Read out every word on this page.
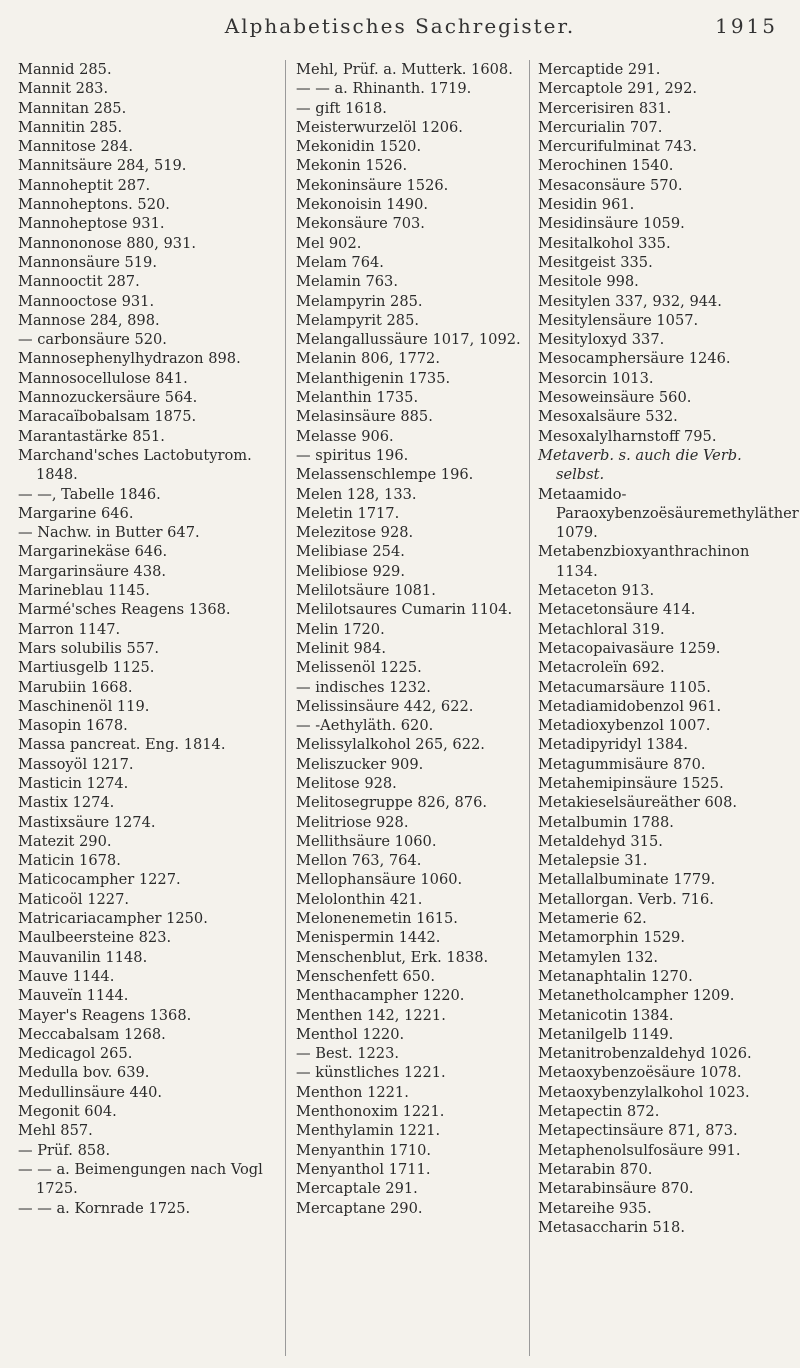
Alphabetisches Sachregister.	1915
Mannid 285.
Mannit 283.
Mannitan 285.
Mannitin 285.
Mannitose 284.
Mannitsäure 284, 519.
Mannoheptit 287.
Mannoheptons. 520.
Mannoheptose 931.
Mannononose 880, 931.
Mannonsäure 519.
Mannooctit 287.
Mannooctose 931.
Mannose 284, 898.
— carbonsäure 520.
Mannosephenylhydrazon 898.
Mannosocellulose 841.
Mannozuckersäure 564.
Maracaïbobalsam 1875.
Marantastärke 851.
Marchand'sches Lactobutyrom. 1848.
— —, Tabelle 1846.
Margarine 646.
— Nachw. in Butter 647.
Margarinekäse 646.
Margarinsäure 438.
Marineblau 1145.
Marmé'sches Reagens 1368.
Marron 1147.
Mars solubilis 557.
Martiusgelb 1125.
Marubiin 1668.
Maschinenöl 119.
Masopin 1678.
Massa pancreat. Eng. 1814.
Massoyöl 1217.
Masticin 1274.
Mastix 1274.
Mastixsäure 1274.
Matezit 290.
Maticin 1678.
Maticocampher 1227.
Maticoöl 1227.
Matricariacampher 1250.
Maulbeersteine 823.
Mauvanilin 1148.
Mauve 1144.
Mauveïn 1144.
Mayer's Reagens 1368.
Meccabalsam 1268.
Medicagol 265.
Medulla bov. 639.
Medullinsäure 440.
Megonit 604.
Mehl 857.
— Prüf. 858.
— — a. Beimengungen nach Vogl 1725.
— — a. Kornrade 1725.
Mehl, Prüf. a. Mutterk. 1608.
— — a. Rhinanth. 1719.
— gift 1618.
Meisterwurzelöl 1206.
Mekonidin 1520.
Mekonin 1526.
Mekoninsäure 1526.
Mekonoisin 1490.
Mekonsäure 703.
Mel 902.
Melam 764.
Melamin 763.
Melampyrin 285.
Melampyrit 285.
Melangallussäure 1017, 1092.
Melanin 806, 1772.
Melanthigenin 1735.
Melanthin 1735.
Melasinsäure 885.
Melasse 906.
— spiritus 196.
Melassenschlempe 196.
Melen 128, 133.
Meletin 1717.
Melezitose 928.
Melibiase 254.
Melibiose 929.
Melilotsäure 1081.
Melilotsaures Cumarin 1104.
Melin 1720.
Melinit 984.
Melissenöl 1225.
— indisches 1232.
Melissinsäure 442, 622.
— -Aethyläth. 620.
Melissylalkohol 265, 622.
Meliszucker 909.
Melitose 928.
Melitosegruppe 826, 876.
Melitriose 928.
Mellithsäure 1060.
Mellon 763, 764.
Mellophansäure 1060.
Melolonthin 421.
Melonenemetin 1615.
Menispermin 1442.
Menschenblut, Erk. 1838.
Menschenfett 650.
Menthacampher 1220.
Menthen 142, 1221.
Menthol 1220.
— Best. 1223.
— künstliches 1221.
Menthon 1221.
Menthonoxim 1221.
Menthylamin 1221.
Menyanthin 1710.
Menyanthol 1711.
Mercaptale 291.
Mercaptane 290.
Mercaptide 291.
Mercaptole 291, 292.
Mercerisiren 831.
Mercurialin 707.
Mercurifulminat 743.
Merochinen 1540.
Mesaconsäure 570.
Mesidin 961.
Mesidinsäure 1059.
Mesitalkohol 335.
Mesitgeist 335.
Mesitole 998.
Mesitylen 337, 932, 944.
Mesitylensäure 1057.
Mesityloxyd 337.
Mesocamphersäure 1246.
Mesorcin 1013.
Mesoweinsäure 560.
Mesoxalsäure 532.
Mesoxalylharnstoff 795.
Metaverb. s. auch die Verb. selbst.
Metaamido-Paraoxybenzoësäuremethyläther 1079.
Metabenzbioxyanthrachinon 1134.
Metaceton 913.
Metacetonsäure 414.
Metachloral 319.
Metacopaivasäure 1259.
Metacroleïn 692.
Metacumarsäure 1105.
Metadiamidobenzol 961.
Metadioxybenzol 1007.
Metadipyridyl 1384.
Metagummisäure 870.
Metahemipinsäure 1525.
Metakieselsäureäther 608.
Metalbumin 1788.
Metaldehyd 315.
Metalepsie 31.
Metallalbuminate 1779.
Metallorgan. Verb. 716.
Metamerie 62.
Metamorphin 1529.
Metamylen 132.
Metanaphtalin 1270.
Metanetholcampher 1209.
Metanicotin 1384.
Metanilgelb 1149.
Metanitrobenzaldehyd 1026.
Metaoxybenzoësäure 1078.
Metaoxybenzylalkohol 1023.
Metapectin 872.
Metapectinsäure 871, 873.
Metaphenolsulfosäure 991.
Metarabin 870.
Metarabinsäure 870.
Metareihe 935.
Metasaccharin 518.
